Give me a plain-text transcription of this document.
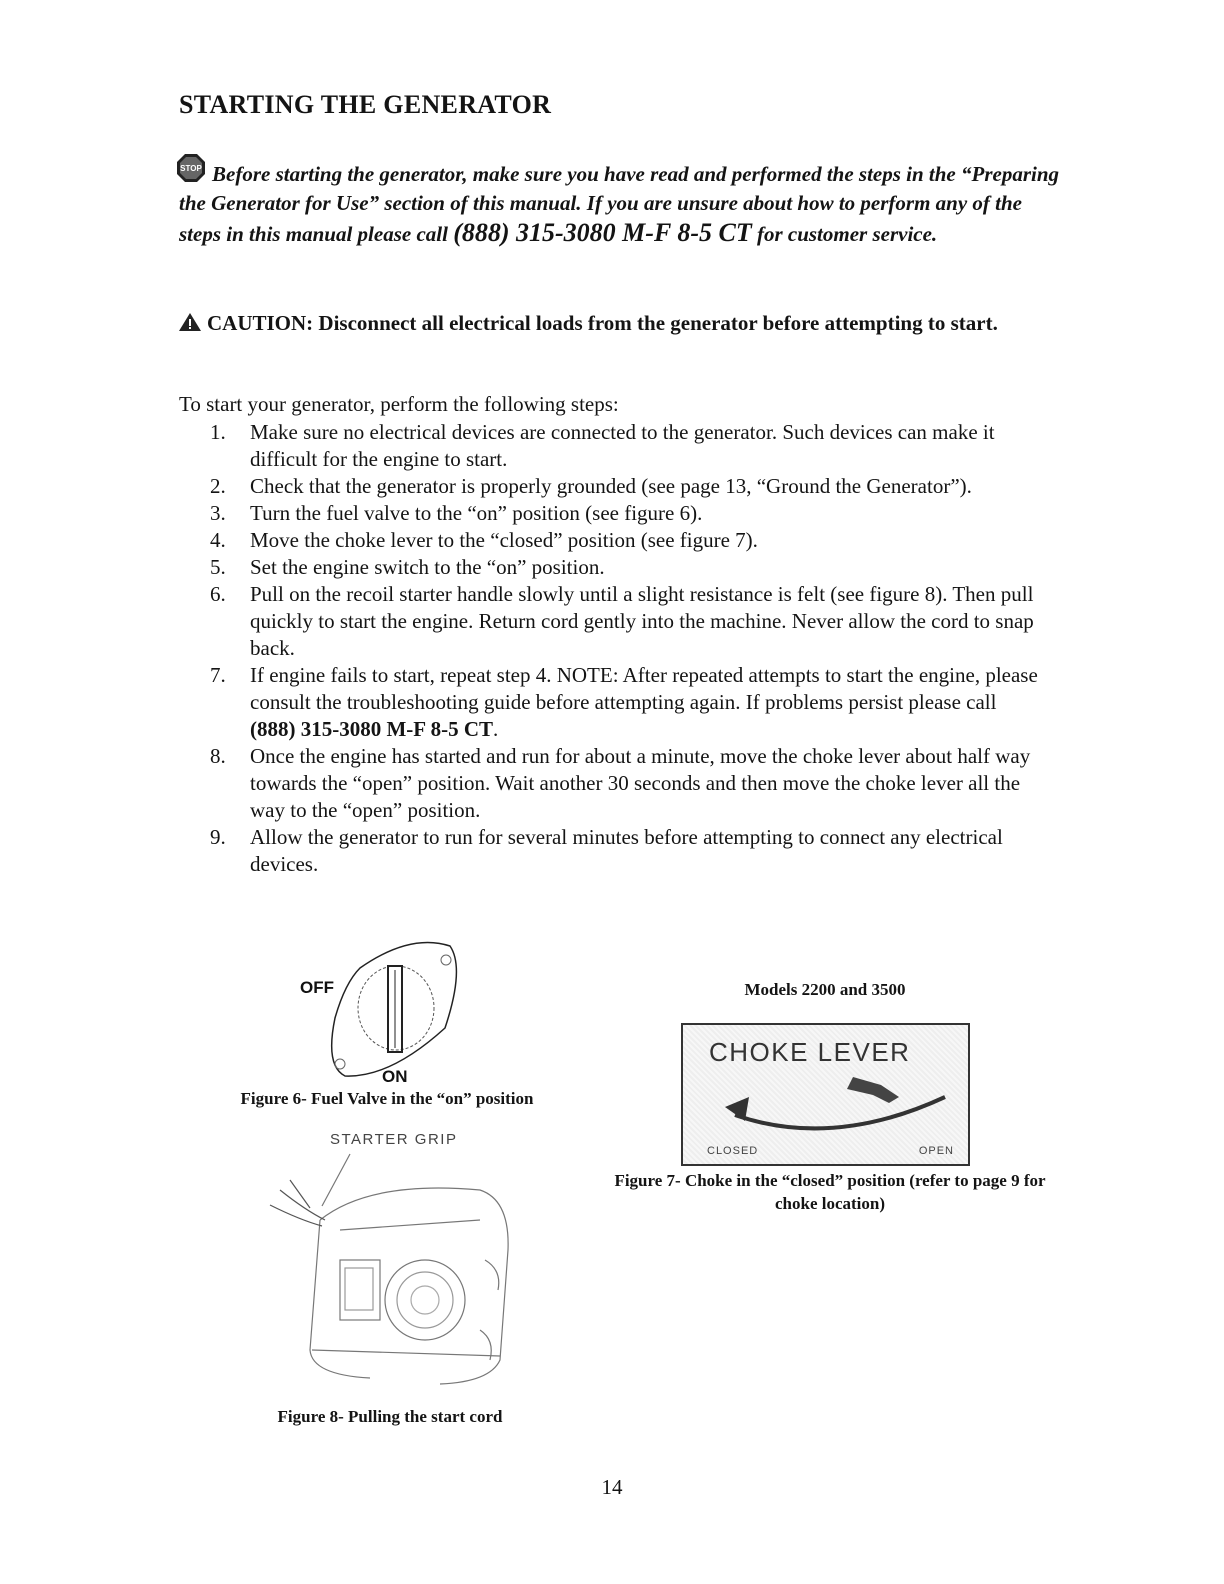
STARTING THE GENERATOR
STOP Before starting the generator, make sure you have read and performed the steps in the “Preparing the Generator for Use” section of this manual. If you are unsure about how to perform any of the steps in this manual please call (888) 315-3080 M-F 8-5 CT for customer service.
CAUTION: Disconnect all electrical loads from the generator before attempting to start.
To start your generator, perform the following steps:
1. Make sure no electrical devices are connected to the generator. Such devices can make it difficult for the engine to start.
2. Check that the generator is properly grounded (see page 13, “Ground the Generator”).
3. Turn the fuel valve to the “on” position (see figure 6).
4. Move the choke lever to the “closed” position (see figure 7).
5. Set the engine switch to the “on” position.
6. Pull on the recoil starter handle slowly until a slight resistance is felt (see figure 8). Then pull quickly to start the engine. Return cord gently into the machine. Never allow the cord to snap back.
7. If engine fails to start, repeat step 4. NOTE: After repeated attempts to start the engine, please consult the troubleshooting guide before attempting again. If problems persist please call (888) 315-3080 M-F 8-5 CT.
8. Once the engine has started and run for about a minute, move the choke lever about half way towards the “open” position. Wait another 30 seconds and then move the choke lever all the way to the “open” position.
9. Allow the generator to run for several minutes before attempting to connect any electrical devices.
OFF
ON
Figure 6- Fuel Valve in the “on” position
Models 2200 and 3500
CHOKE LEVER
CLOSED	OPEN
Figure 7- Choke in the “closed” position (refer to page 9 for choke location)
STARTER GRIP
Figure 8- Pulling the start cord
14
